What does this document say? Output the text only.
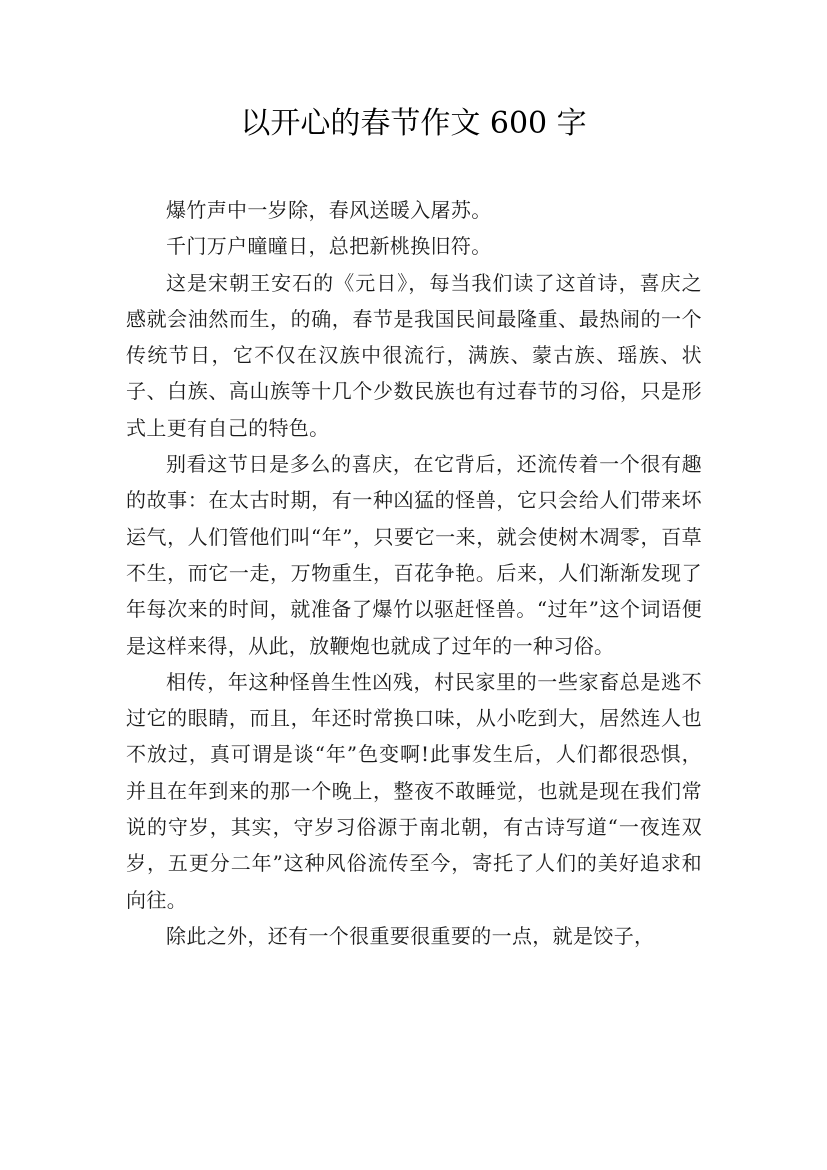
以开心的春节作文 600 字

爆竹声中一岁除，春风送暖入屠苏。

千门万户曈曈日，总把新桃换旧符。

这是宋朝王安石的《元日》，每当我们读了这首诗，喜庆之感就会油然而生，的确，春节是我国民间最隆重、最热闹的一个传统节日，它不仅在汉族中很流行，满族、蒙古族、瑶族、状子、白族、高山族等十几个少数民族也有过春节的习俗，只是形式上更有自己的特色。

别看这节日是多么的喜庆，在它背后，还流传着一个很有趣的故事：在太古时期，有一种凶猛的怪兽，它只会给人们带来坏运气，人们管他们叫“年”，只要它一来，就会使树木凋零，百草不生，而它一走，万物重生，百花争艳。后来，人们渐渐发现了年每次来的时间，就准备了爆竹以驱赶怪兽。“过年”这个词语便是这样来得，从此，放鞭炮也就成了过年的一种习俗。

相传，年这种怪兽生性凶残，村民家里的一些家畜总是逃不过它的眼睛，而且，年还时常换口味，从小吃到大，居然连人也不放过，真可谓是谈“年”色变啊!此事发生后，人们都很恐惧，并且在年到来的那一个晚上，整夜不敢睡觉，也就是现在我们常说的守岁，其实，守岁习俗源于南北朝，有古诗写道“一夜连双岁，五更分二年”这种风俗流传至今，寄托了人们的美好追求和向往。

除此之外，还有一个很重要很重要的一点，就是饺子，
